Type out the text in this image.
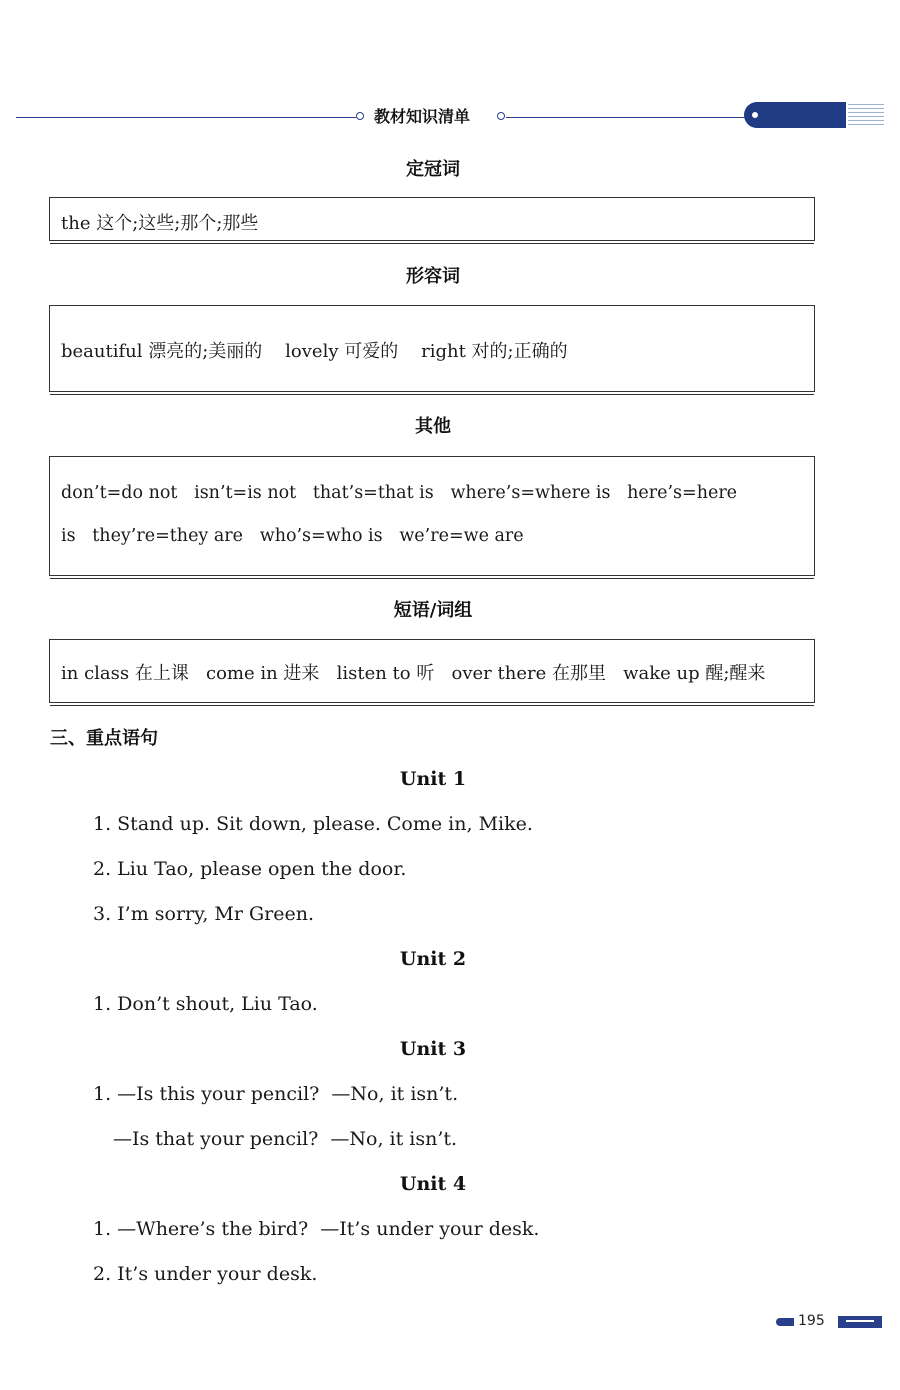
教材知识清单
定冠词
the 这个;这些;那个;那些
形容词
beautiful 漂亮的;美丽的    lovely 可爱的    right 对的;正确的
其他
don’t=do not   isn’t=is not   that’s=that is   where’s=where is   here’s=here
is   they’re=they are   who’s=who is   we’re=we are
短语/词组
in class 在上课   come in 进来   listen to 听   over there 在那里   wake up 醒;醒来
三、重点语句
Unit 1
1. Stand up. Sit down, please. Come in, Mike.
2. Liu Tao, please open the door.
3. I’m sorry, Mr Green.
Unit 2
1. Don’t shout, Liu Tao.
Unit 3
1. —Is this your pencil?  —No, it isn’t.
—Is that your pencil?  —No, it isn’t.
Unit 4
1. —Where’s the bird?  —It’s under your desk.
2. It’s under your desk.
195
